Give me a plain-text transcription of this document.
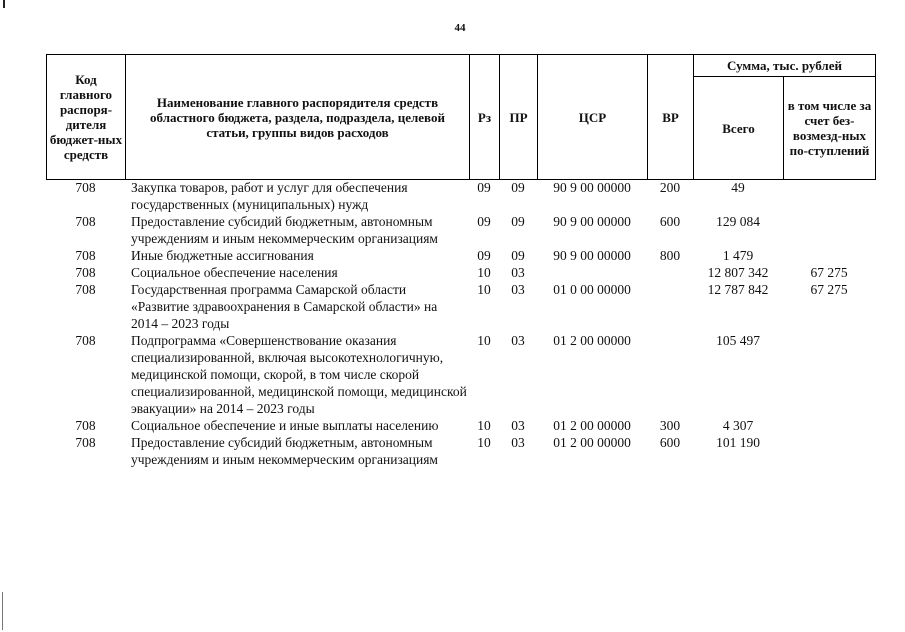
44
Код главного распоря-дителя бюджет-ных средств	Наименование главного распорядителя средств областного бюджета, раздела, подраздела, целевой статьи, группы видов расходов	Рз	ПР	ЦСР	ВР	Сумма, тыс. рублей	
						Всего	в том числе за счет без-возмезд-ных по-ступлений
708	Закупка товаров, работ и услуг для обеспечения государственных (муниципальных) нужд	09	09	90 9 00 00000	200	49	
708	Предоставление субсидий бюджетным, автономным учреждениям и иным некоммерческим организациям	09	09	90 9 00 00000	600	129 084	
708	Иные бюджетные ассигнования	09	09	90 9 00 00000	800	1 479	
708	Социальное обеспечение населения	10	03			12 807 342	67 275
708	Государственная программа Самарской области «Развитие здравоохранения в Самарской области» на 2014 – 2023 годы	10	03	01 0 00 00000		12 787 842	67 275
708	Подпрограмма «Совершенствование оказания специализированной, включая высокотехнологичную, медицинской помощи, скорой, в том числе скорой специализированной, медицинской помощи, медицинской эвакуации» на 2014 – 2023 годы	10	03	01 2 00 00000		105 497	
708	Социальное обеспечение и иные выплаты населению	10	03	01 2 00 00000	300	4 307	
708	Предоставление субсидий бюджетным, автономным учреждениям и иным некоммерческим организациям	10	03	01 2 00 00000	600	101 190	
